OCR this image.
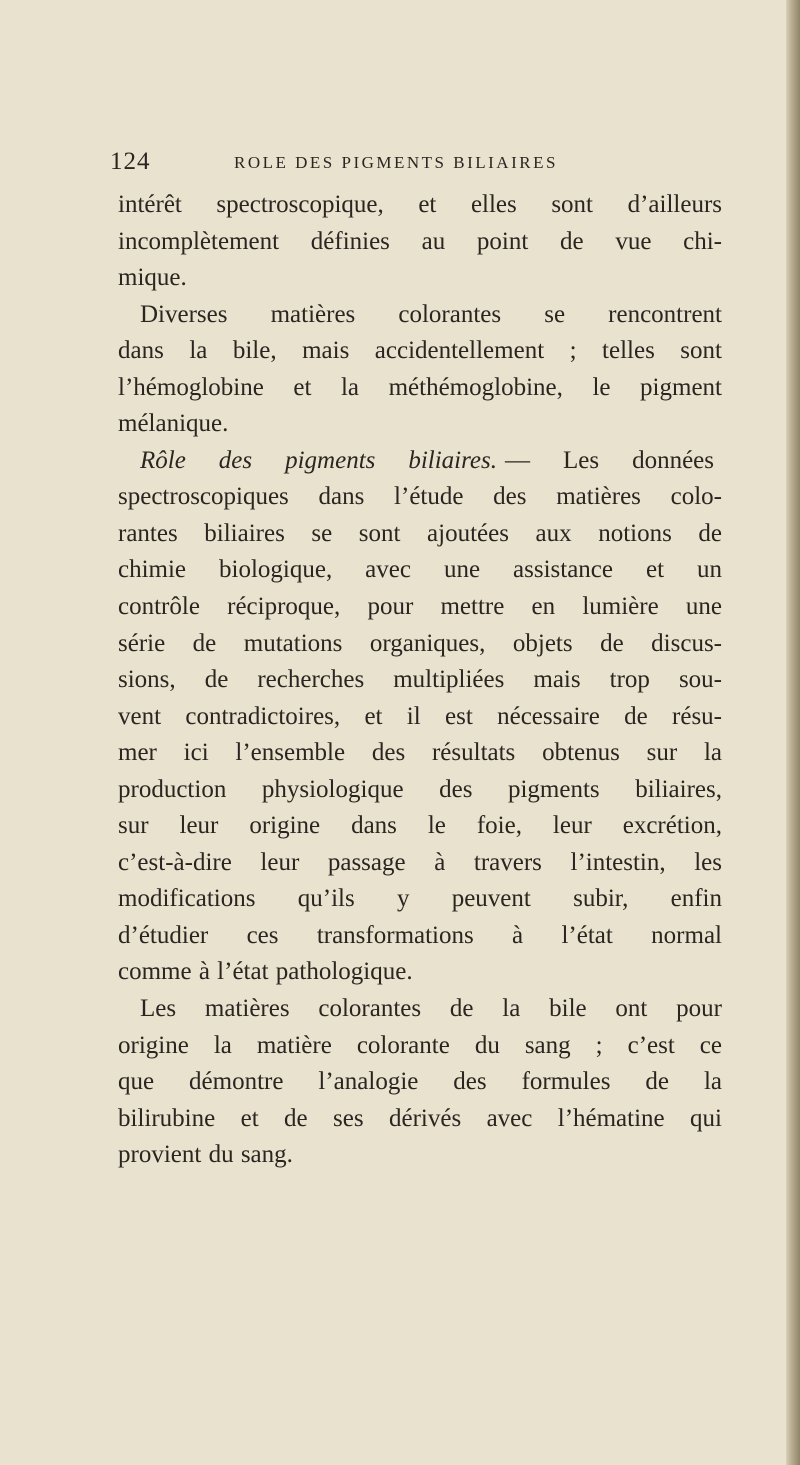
124	ROLE DES PIGMENTS BILIAIRES
intérêt spectroscopique, et elles sont d’ailleurs
incomplètement définies au point de vue chi-
mique.
Diverses matières colorantes se rencontrent
dans la bile, mais accidentellement ; telles sont
l’hémoglobine et la méthémoglobine, le pigment
mélanique.
Rôle des pigments biliaires. — Les données
spectroscopiques dans l’étude des matières colo-
rantes biliaires se sont ajoutées aux notions de
chimie biologique, avec une assistance et un
contrôle réciproque, pour mettre en lumière une
série de mutations organiques, objets de discus-
sions, de recherches multipliées mais trop sou-
vent contradictoires, et il est nécessaire de résu-
mer ici l’ensemble des résultats obtenus sur la
production physiologique des pigments biliaires,
sur leur origine dans le foie, leur excrétion,
c’est-à-dire leur passage à travers l’intestin, les
modifications qu’ils y peuvent subir, enfin
d’étudier ces transformations à l’état normal
comme à l’état pathologique.
Les matières colorantes de la bile ont pour
origine la matière colorante du sang ; c’est ce
que démontre l’analogie des formules de la
bilirubine et de ses dérivés avec l’hématine qui
provient du sang.
